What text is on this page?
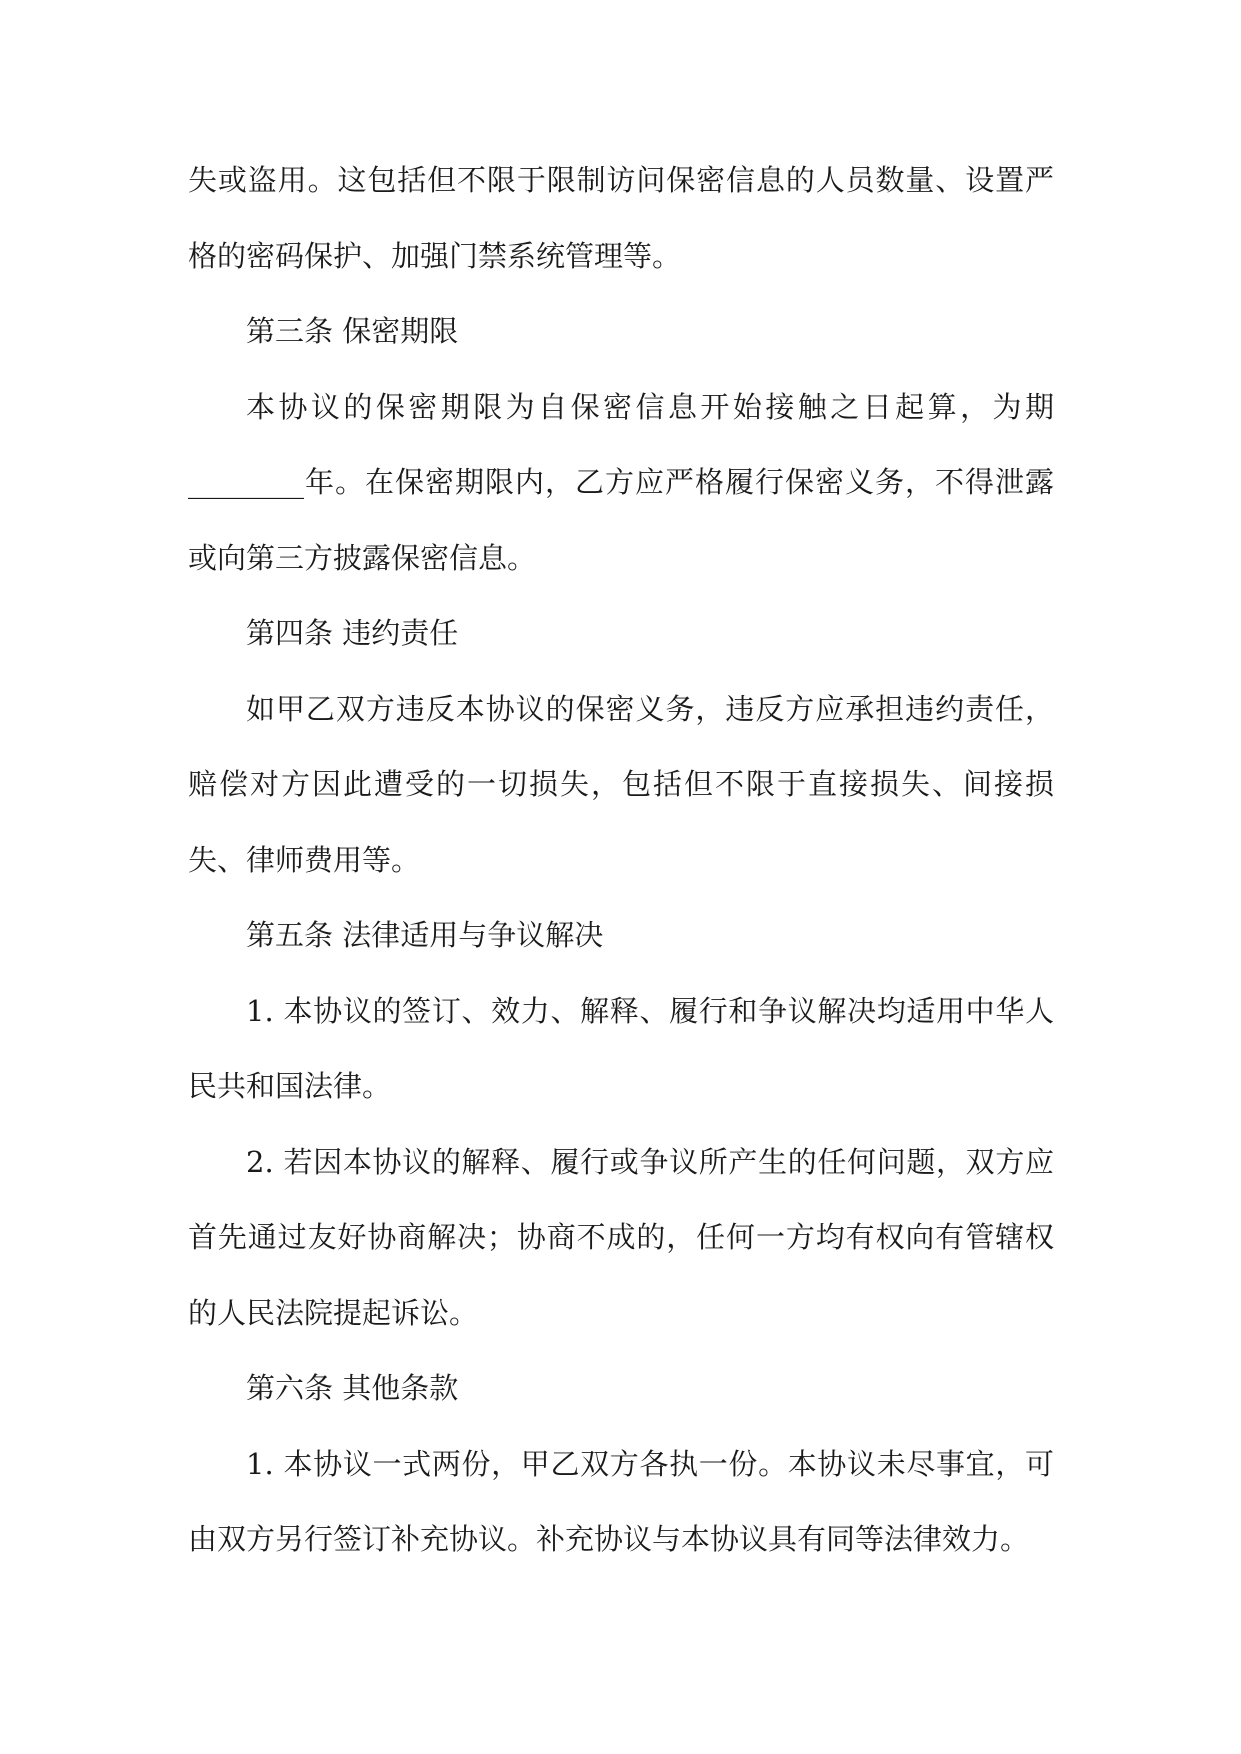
失或盗用。这包括但不限于限制访问保密信息的人员数量、设置严格的密码保护、加强门禁系统管理等。

第三条 保密期限

本协议的保密期限为自保密信息开始接触之日起算，为期________年。在保密期限内，乙方应严格履行保密义务，不得泄露或向第三方披露保密信息。

第四条 违约责任

如甲乙双方违反本协议的保密义务，违反方应承担违约责任，赔偿对方因此遭受的一切损失，包括但不限于直接损失、间接损失、律师费用等。

第五条 法律适用与争议解决

1. 本协议的签订、效力、解释、履行和争议解决均适用中华人民共和国法律。

2. 若因本协议的解释、履行或争议所产生的任何问题，双方应首先通过友好协商解决；协商不成的，任何一方均有权向有管辖权的人民法院提起诉讼。

第六条 其他条款

1. 本协议一式两份，甲乙双方各执一份。本协议未尽事宜，可由双方另行签订补充协议。补充协议与本协议具有同等法律效力。
